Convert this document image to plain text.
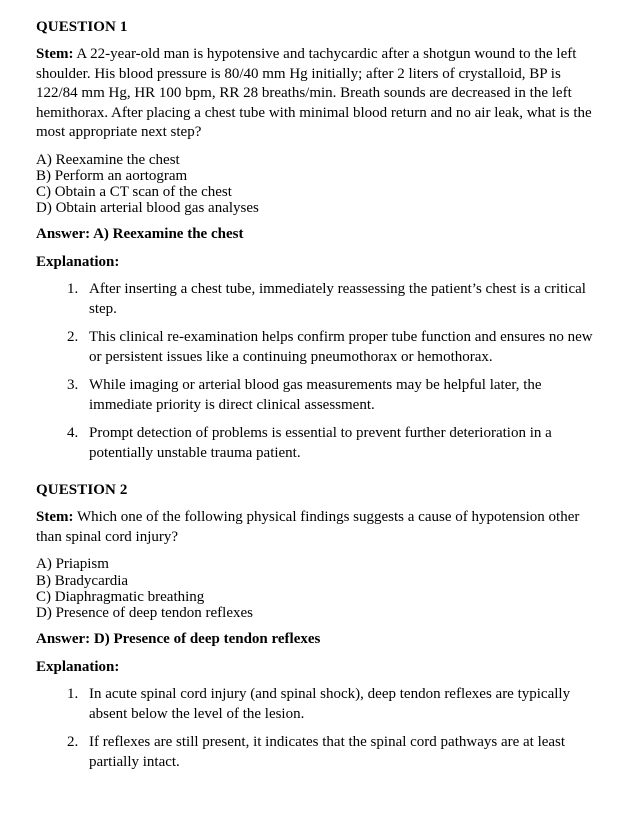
QUESTION 1

Stem: A 22-year-old man is hypotensive and tachycardic after a shotgun wound to the left shoulder. His blood pressure is 80/40 mm Hg initially; after 2 liters of crystalloid, BP is 122/84 mm Hg, HR 100 bpm, RR 28 breaths/min. Breath sounds are decreased in the left hemithorax. After placing a chest tube with minimal blood return and no air leak, what is the most appropriate next step?

A) Reexamine the chest
B) Perform an aortogram
C) Obtain a CT scan of the chest
D) Obtain arterial blood gas analyses

Answer: A) Reexamine the chest

Explanation:

1. After inserting a chest tube, immediately reassessing the patient’s chest is a critical step.
2. This clinical re-examination helps confirm proper tube function and ensures no new or persistent issues like a continuing pneumothorax or hemothorax.
3. While imaging or arterial blood gas measurements may be helpful later, the immediate priority is direct clinical assessment.
4. Prompt detection of problems is essential to prevent further deterioration in a potentially unstable trauma patient.
QUESTION 2

Stem: Which one of the following physical findings suggests a cause of hypotension other than spinal cord injury?

A) Priapism
B) Bradycardia
C) Diaphragmatic breathing
D) Presence of deep tendon reflexes

Answer: D) Presence of deep tendon reflexes

Explanation:

1. In acute spinal cord injury (and spinal shock), deep tendon reflexes are typically absent below the level of the lesion.
2. If reflexes are still present, it indicates that the spinal cord pathways are at least partially intact.
